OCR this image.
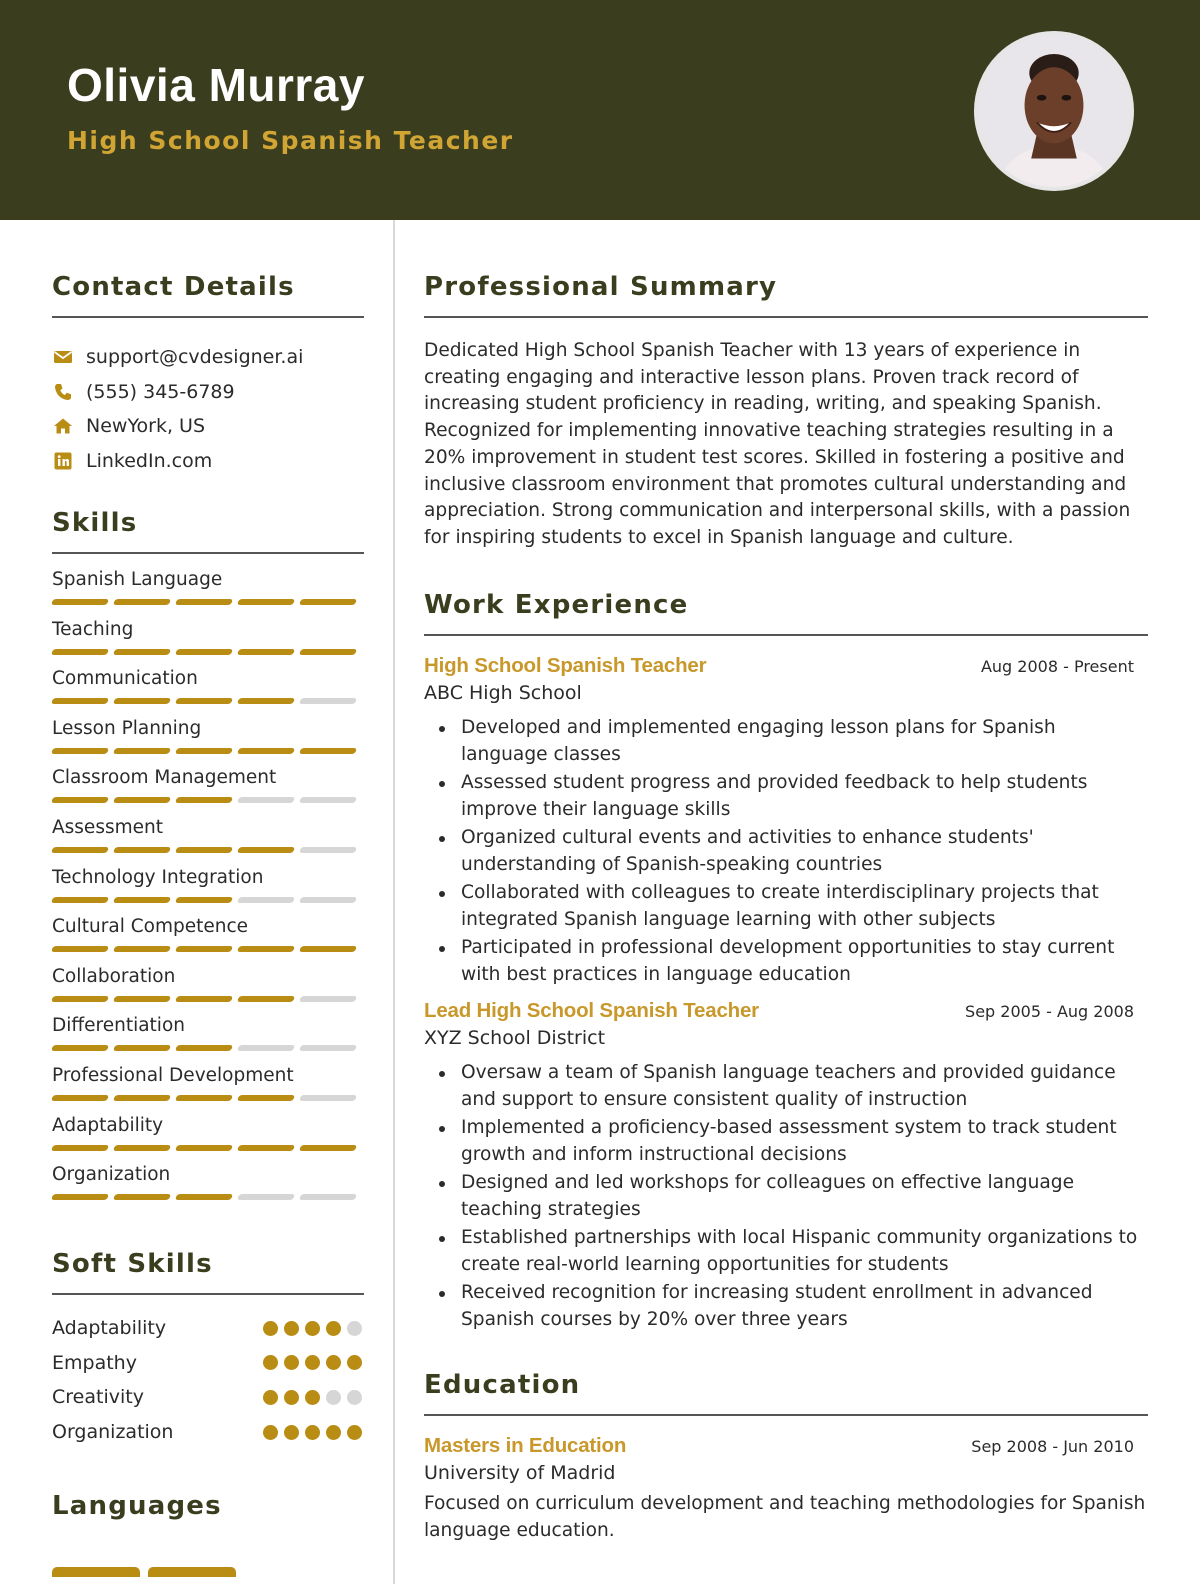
Olivia Murray
High School Spanish Teacher
Contact Details
support@cvdesigner.ai
(555) 345-6789
NewYork, US
LinkedIn.com
Skills
Spanish Language
Teaching
Communication
Lesson Planning
Classroom Management
Assessment
Technology Integration
Cultural Competence
Collaboration
Differentiation
Professional Development
Adaptability
Organization
Soft Skills
Adaptability
Empathy
Creativity
Organization
Languages
Professional Summary

Dedicated High School Spanish Teacher with 13 years of experience in creating engaging and interactive lesson plans. Proven track record of increasing student proficiency in reading, writing, and speaking Spanish. Recognized for implementing innovative teaching strategies resulting in a 20% improvement in student test scores. Skilled in fostering a positive and inclusive classroom environment that promotes cultural understanding and appreciation. Strong communication and interpersonal skills, with a passion for inspiring students to excel in Spanish language and culture.

Work Experience
High School Spanish Teacher	Aug 2008 - Present
ABC High School
Developed and implemented engaging lesson plans for Spanish language classes
Assessed student progress and provided feedback to help students improve their language skills
Organized cultural events and activities to enhance students' understanding of Spanish-speaking countries
Collaborated with colleagues to create interdisciplinary projects that integrated Spanish language learning with other subjects
Participated in professional development opportunities to stay current with best practices in language education
Lead High School Spanish Teacher	Sep 2005 - Aug 2008
XYZ School District
Oversaw a team of Spanish language teachers and provided guidance and support to ensure consistent quality of instruction
Implemented a proficiency-based assessment system to track student growth and inform instructional decisions
Designed and led workshops for colleagues on effective language teaching strategies
Established partnerships with local Hispanic community organizations to create real-world learning opportunities for students
Received recognition for increasing student enrollment in advanced Spanish courses by 20% over three years
Education
Masters in Education	Sep 2008 - Jun 2010
University of Madrid

Focused on curriculum development and teaching methodologies for Spanish language education.
